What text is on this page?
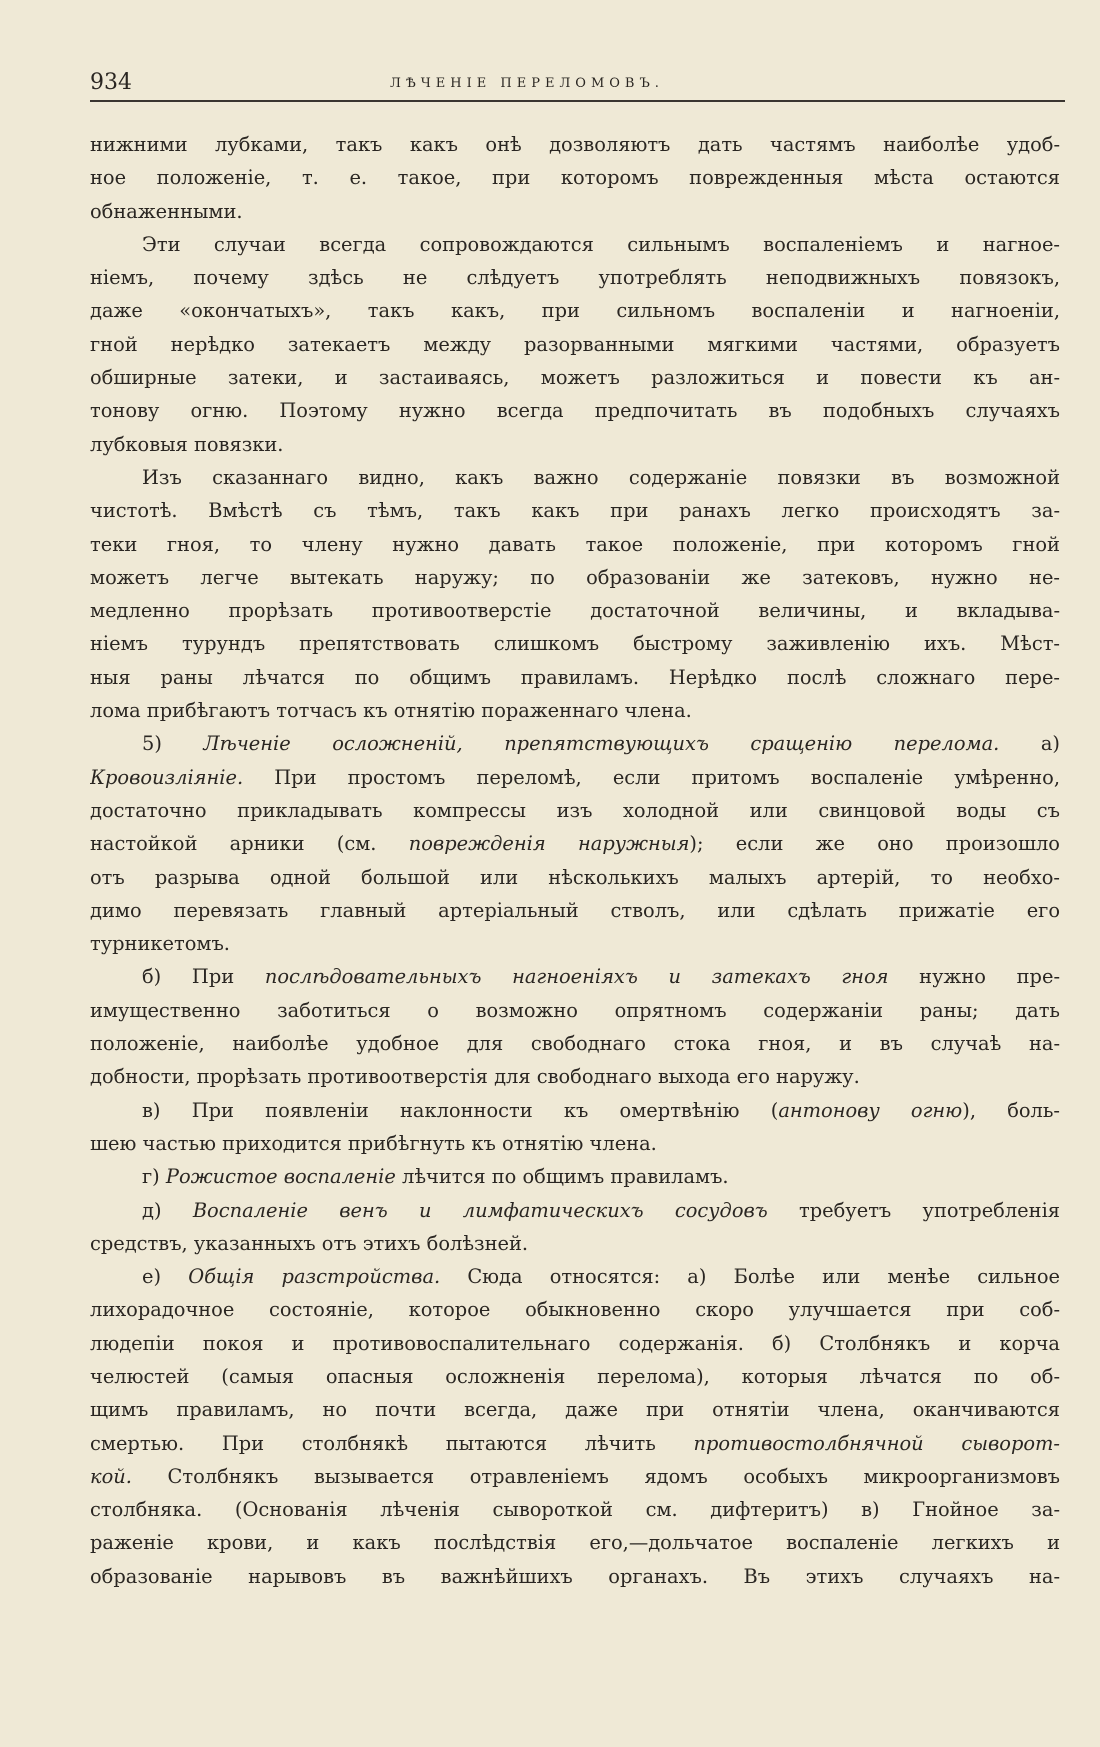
934	ЛѢЧЕНІЕ ПЕРЕЛОМОВЪ.
нижними лубками, такъ какъ онѣ дозволяютъ дать частямъ наиболѣе удоб-
ное положеніе, т. е. такое, при которомъ поврежденныя мѣста остаются
обнаженными.
Эти случаи всегда сопровождаются сильнымъ воспаленіемъ и нагное-
ніемъ, почему здѣсь не слѣдуетъ употреблять неподвижныхъ повязокъ,
даже «окончатыхъ», такъ какъ, при сильномъ воспаленіи и нагноеніи,
гной нерѣдко затекаетъ между разорванными мягкими частями, образуетъ
обширные затеки, и застаиваясь, можетъ разложиться и повести къ ан-
тонову огню. Поэтому нужно всегда предпочитать въ подобныхъ случаяхъ
лубковыя повязки.
Изъ сказаннаго видно, какъ важно содержаніе повязки въ возможной
чистотѣ. Вмѣстѣ съ тѣмъ, такъ какъ при ранахъ легко происходятъ за-
теки гноя, то члену нужно давать такое положеніе, при которомъ гной
можетъ легче вытекать наружу; по образованіи же затековъ, нужно не-
медленно прорѣзать противоотверстіе достаточной величины, и вкладыва-
ніемъ турундъ препятствовать слишкомъ быстрому заживленію ихъ. Мѣст-
ныя раны лѣчатся по общимъ правиламъ. Нерѣдко послѣ сложнаго пере-
лома прибѣгаютъ тотчасъ къ отнятію пораженнаго члена.
5) Лѣченіе осложненій, препятствующихъ сращенію перелома. а)
Кровоизліяніе. При простомъ переломѣ, если притомъ воспаленіе умѣренно,
достаточно прикладывать компрессы изъ холодной или свинцовой воды съ
настойкой арники (см. поврежденія наружныя); если же оно произошло
отъ разрыва одной большой или нѣсколькихъ малыхъ артерій, то необхо-
димо перевязать главный артеріальный стволъ, или сдѣлать прижатіе его
турникетомъ.
б) При послѣдовательныхъ нагноеніяхъ и затекахъ гноя нужно пре-
имущественно заботиться о возможно опрятномъ содержаніи раны; дать
положеніе, наиболѣе удобное для свободнаго стока гноя, и въ случаѣ на-
добности, прорѣзать противоотверстія для свободнаго выхода его наружу.
в) При появленіи наклонности къ омертвѣнію (антонову огню), боль-
шею частью приходится прибѣгнуть къ отнятію члена.
г) Рожистое воспаленіе лѣчится по общимъ правиламъ.
д) Воспаленіе венъ и лимфатическихъ сосудовъ требуетъ употребленія
средствъ, указанныхъ отъ этихъ болѣзней.
е) Общія разстройства. Сюда относятся: а) Болѣе или менѣе сильное
лихорадочное состояніе, которое обыкновенно скоро улучшается при соб-
людепіи покоя и противовоспалительнаго содержанія. б) Столбнякъ и корча
челюстей (самыя опасныя осложненія перелома), которыя лѣчатся по об-
щимъ правиламъ, но почти всегда, даже при отнятіи члена, оканчиваются
смертью. При столбнякѣ пытаются лѣчить противостолбнячной сыворот-
кой. Столбнякъ вызывается отравленіемъ ядомъ особыхъ микроорганизмовъ
столбняка. (Основанія лѣченія сывороткой см. дифтеритъ) в) Гнойное за-
раженіе крови, и какъ послѣдствія его,—дольчатое воспаленіе легкихъ и
образованіе нарывовъ въ важнѣйшихъ органахъ. Въ этихъ случаяхъ на-
